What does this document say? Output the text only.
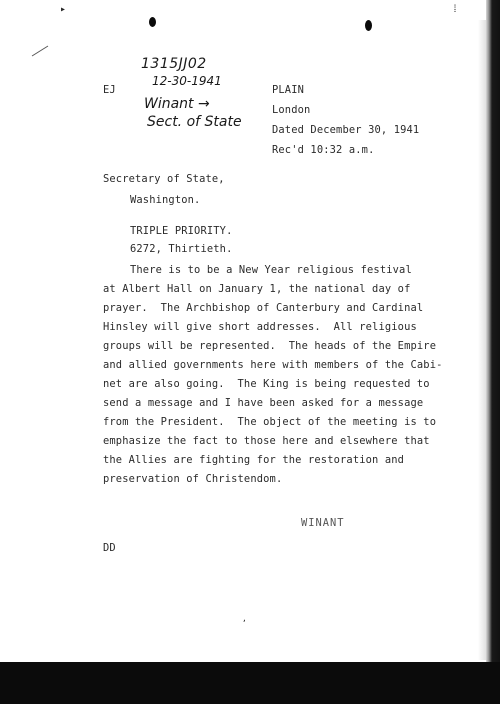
▸	⁞
1315JJ02
12-30-1941
Winant →
Sect. of State
EJ	PLAIN
London
Dated December 30, 1941
Rec'd 10:32 a.m.
Secretary of State,
Washington.
TRIPLE PRIORITY.
6272, Thirtieth.
There is to be a New Year religious festival
at Albert Hall on January 1, the national day of
prayer.  The Archbishop of Canterbury and Cardinal
Hinsley will give short addresses.  All religious
groups will be represented.  The heads of the Empire
and allied governments here with members of the Cabi-
net are also going.  The King is being requested to
send a message and I have been asked for a message
from the President.  The object of the meeting is to
emphasize the fact to those here and elsewhere that
the Allies are fighting for the restoration and
preservation of Christendom.
WINANT
DD
,
